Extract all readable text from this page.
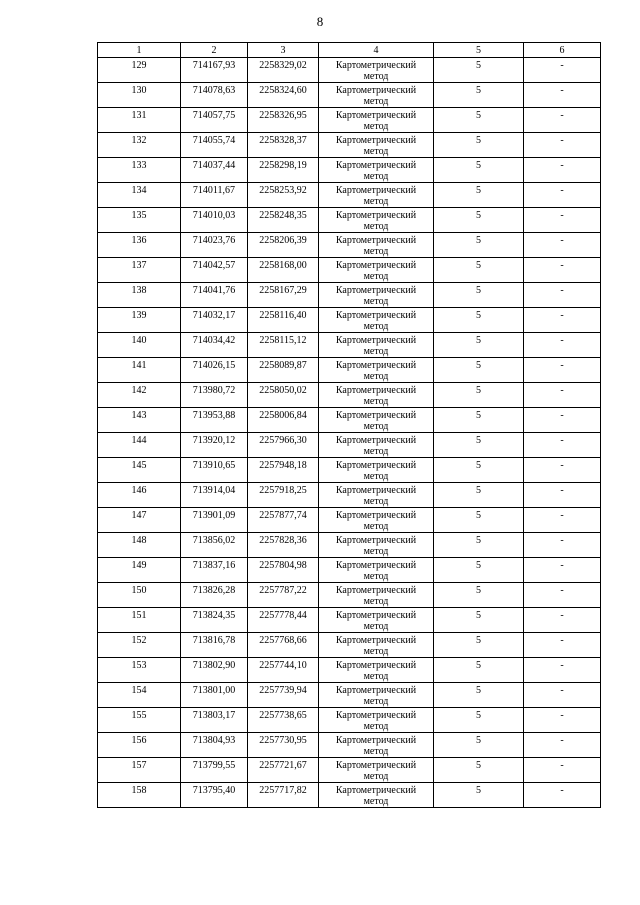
8
1	2	3	4	5	6
129	714167,93	2258329,02	Картометрический
метод	5	-
130	714078,63	2258324,60	Картометрический
метод	5	-
131	714057,75	2258326,95	Картометрический
метод	5	-
132	714055,74	2258328,37	Картометрический
метод	5	-
133	714037,44	2258298,19	Картометрический
метод	5	-
134	714011,67	2258253,92	Картометрический
метод	5	-
135	714010,03	2258248,35	Картометрический
метод	5	-
136	714023,76	2258206,39	Картометрический
метод	5	-
137	714042,57	2258168,00	Картометрический
метод	5	-
138	714041,76	2258167,29	Картометрический
метод	5	-
139	714032,17	2258116,40	Картометрический
метод	5	-
140	714034,42	2258115,12	Картометрический
метод	5	-
141	714026,15	2258089,87	Картометрический
метод	5	-
142	713980,72	2258050,02	Картометрический
метод	5	-
143	713953,88	2258006,84	Картометрический
метод	5	-
144	713920,12	2257966,30	Картометрический
метод	5	-
145	713910,65	2257948,18	Картометрический
метод	5	-
146	713914,04	2257918,25	Картометрический
метод	5	-
147	713901,09	2257877,74	Картометрический
метод	5	-
148	713856,02	2257828,36	Картометрический
метод	5	-
149	713837,16	2257804,98	Картометрический
метод	5	-
150	713826,28	2257787,22	Картометрический
метод	5	-
151	713824,35	2257778,44	Картометрический
метод	5	-
152	713816,78	2257768,66	Картометрический
метод	5	-
153	713802,90	2257744,10	Картометрический
метод	5	-
154	713801,00	2257739,94	Картометрический
метод	5	-
155	713803,17	2257738,65	Картометрический
метод	5	-
156	713804,93	2257730,95	Картометрический
метод	5	-
157	713799,55	2257721,67	Картометрический
метод	5	-
158	713795,40	2257717,82	Картометрический
метод	5	-
